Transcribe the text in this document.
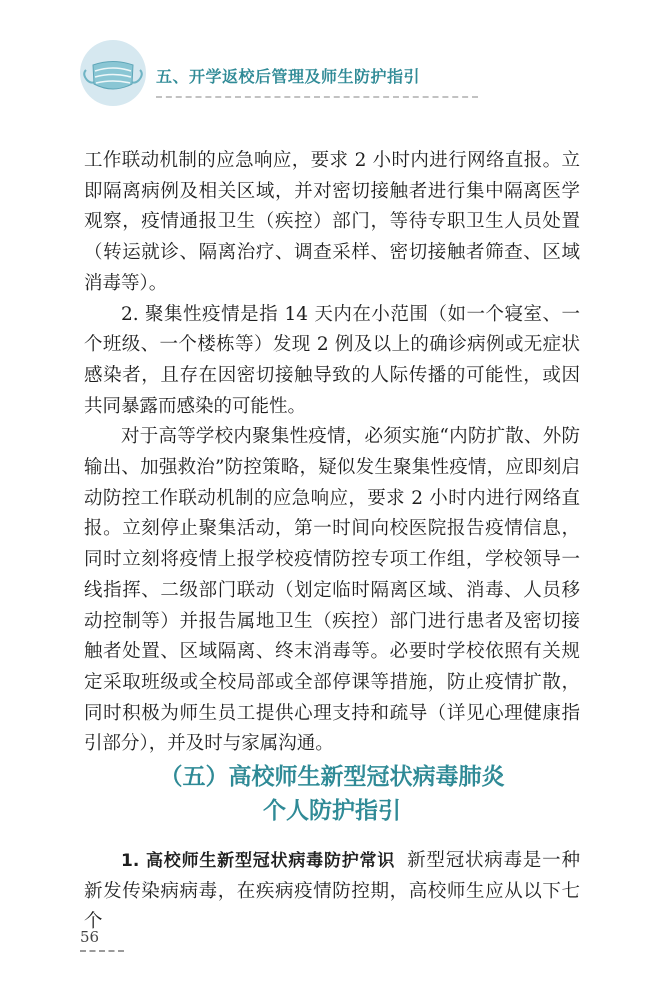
五、开学返校后管理及师生防护指引

工作联动机制的应急响应，要求 2 小时内进行网络直报。立即隔离病例及相关区域，并对密切接触者进行集中隔离医学观察，疫情通报卫生（疾控）部门，等待专职卫生人员处置（转运就诊、隔离治疗、调查采样、密切接触者筛查、区域消毒等）。

2. 聚集性疫情是指 14 天内在小范围（如一个寝室、一个班级、一个楼栋等）发现 2 例及以上的确诊病例或无症状感染者，且存在因密切接触导致的人际传播的可能性，或因共同暴露而感染的可能性。

对于高等学校内聚集性疫情，必须实施“内防扩散、外防输出、加强救治”防控策略，疑似发生聚集性疫情，应即刻启动防控工作联动机制的应急响应，要求 2 小时内进行网络直报。立刻停止聚集活动，第一时间向校医院报告疫情信息，同时立刻将疫情上报学校疫情防控专项工作组，学校领导一线指挥、二级部门联动（划定临时隔离区域、消毒、人员移动控制等）并报告属地卫生（疾控）部门进行患者及密切接触者处置、区域隔离、终末消毒等。必要时学校依照有关规定采取班级或全校局部或全部停课等措施，防止疫情扩散，同时积极为师生员工提供心理支持和疏导（详见心理健康指引部分），并及时与家属沟通。

（五）高校师生新型冠状病毒肺炎
个人防护指引

1. 高校师生新型冠状病毒防护常识 新型冠状病毒是一种新发传染病病毒，在疾病疫情防控期，高校师生应从以下七个

56
